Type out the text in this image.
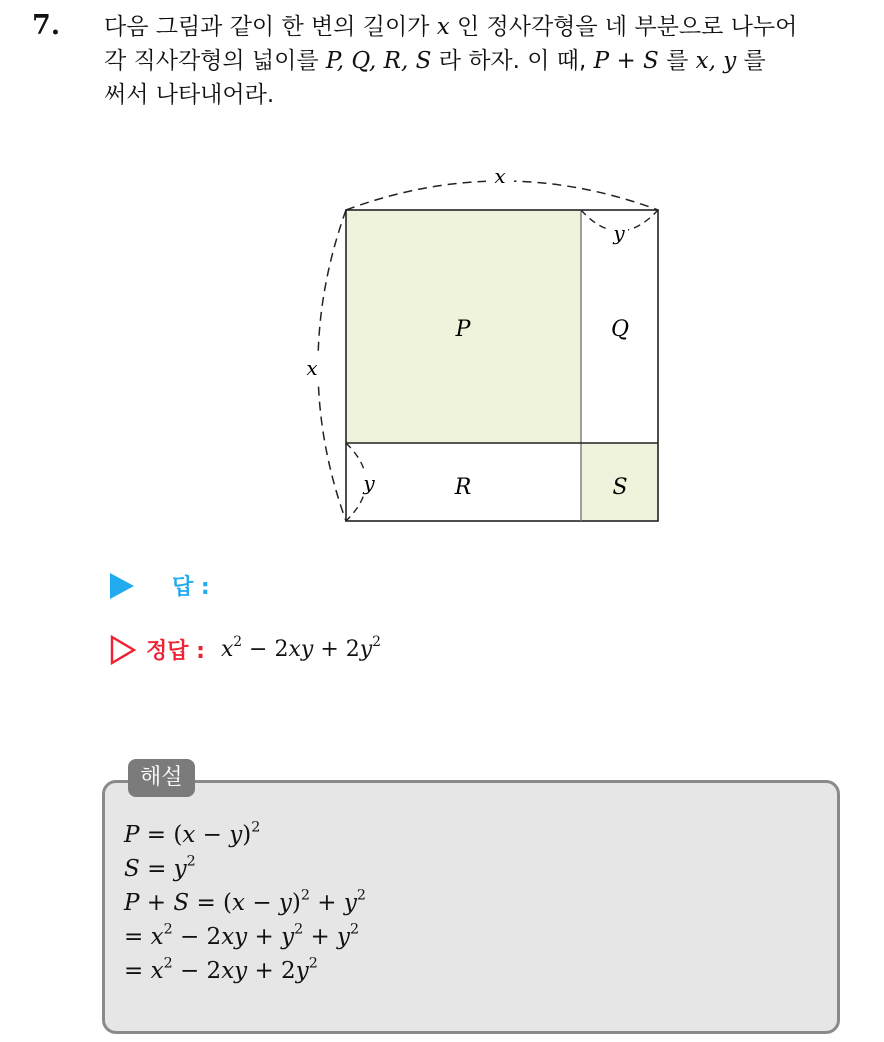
7. 다음 그림과 같이 한 변의 길이가 x 인 정사각형을 네 부분으로 나누어
각 직사각형의 넓이를 P, Q, R, S 라 하자. 이 때, P + S 를 x, y 를
써서 나타내어라.
x
x
y
y
P	Q
R	S
답 :
정답 : $x^2 - 2xy + 2y^2$
해설
$P = (x - y)^2$
$S = y^2$
$P + S = (x - y)^2 + y^2$
= $x^2 - 2xy + y^2 + y^2$
= $x^2 - 2xy + 2y^2$
